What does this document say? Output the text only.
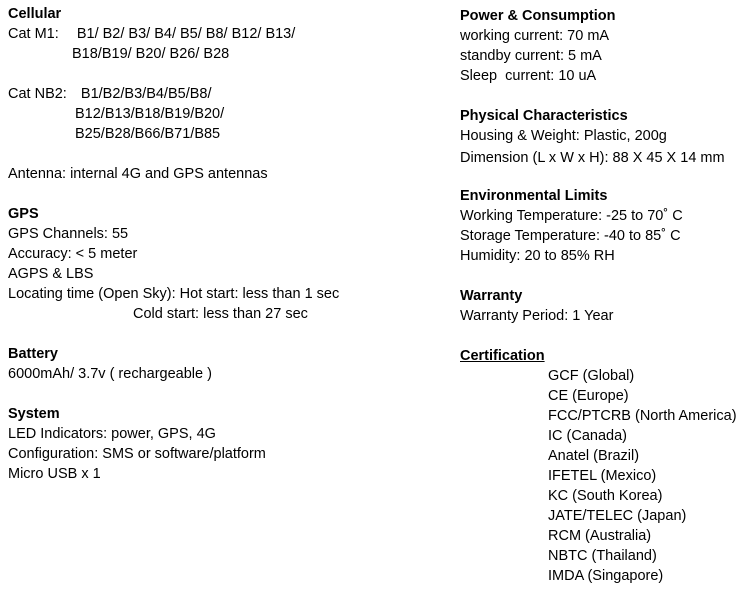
Cellular
Cat M1: B1/ B2/ B3/ B4/ B5/ B8/ B12/ B13/
B18/B19/ B20/ B26/ B28
Cat NB2: B1/B2/B3/B4/B5/B8/
B12/B13/B18/B19/B20/
B25/B28/B66/B71/B85
Antenna: internal 4G and GPS antennas
GPS
GPS Channels: 55
Accuracy: < 5 meter
AGPS & LBS
Locating time (Open Sky): Hot start: less than 1 sec
Cold start: less than 27 sec
Battery
6000mAh/ 3.7v ( rechargeable )
System
LED Indicators: power, GPS, 4G
Configuration: SMS or software/platform
Micro USB x 1
Power & Consumption
working current: 70 mA
standby current: 5 mA
Sleep  current: 10 uA
Physical Characteristics
Housing & Weight: Plastic, 200g
Dimension (L x W x H): 88 X 45 X 14 mm
Environmental Limits
Working Temperature: -25 to 70˚ C
Storage Temperature: -40 to 85˚ C
Humidity: 20 to 85% RH
Warranty
Warranty Period: 1 Year
Certification
GCF (Global)
CE (Europe)
FCC/PTCRB (North America)
IC (Canada)
Anatel (Brazil)
IFETEL (Mexico)
KC (South Korea)
JATE/TELEC (Japan)
RCM (Australia)
NBTC (Thailand)
IMDA (Singapore)
